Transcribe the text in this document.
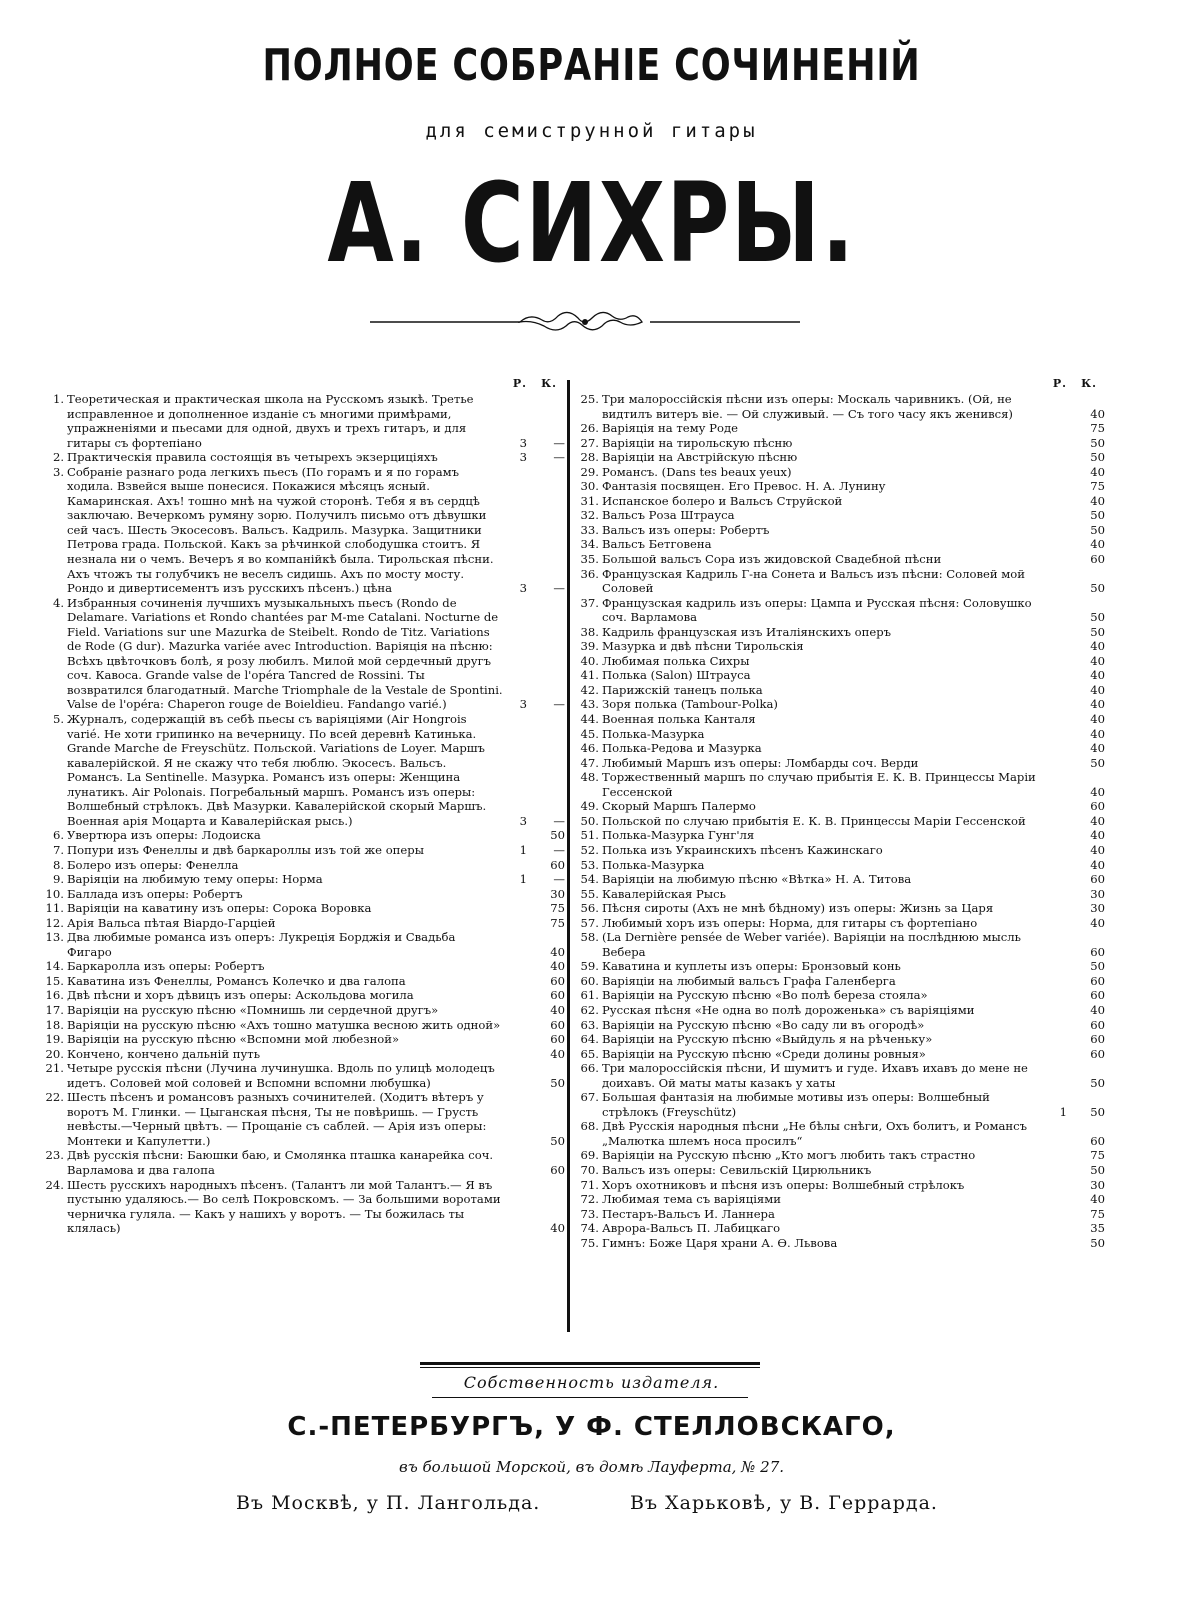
ПОЛНОЕ СОБРАНІЕ СОЧИНЕНІЙ
для семиструнной гитары
А. СИХРЫ.
Р. К.
1. Теоретическая и практическая школа на Русскомъ языкѣ. Третье исправленное и дополненное изданіе съ многими примѣрами, упражненіями и пьесами для одной, двухъ и трехъ гитаръ, и для гитары съ фортепіано	3	—
2. Практическія правила состоящія въ четырехъ экзерциціяхъ	3	—
3. Собраніе разнаго рода легкихъ пьесъ (По горамъ и я по горамъ ходила. Взвейся выше понесися. Покажися мѣсяцъ ясный. Камаринская. Ахъ! тошно мнѣ на чужой сторонѣ. Тебя я въ сердцѣ заключаю. Вечеркомъ румяну зорю. Получилъ письмо отъ дѣвушки сей часъ. Шесть Экосесовъ. Вальсъ. Кадриль. Мазурка. Защитники Петрова града. Польской. Какъ за рѣчинкой слободушка стоитъ. Я незнала ни о чемъ. Вечеръ я во компанійкѣ была. Тирольская пѣсни. Ахъ чтожъ ты голубчикъ не веселъ сидишь. Ахъ по мосту мосту. Рондо и дивертисементъ изъ русскихъ пѣсенъ.) цѣна	3	—
4. Избранныя сочиненія лучшихъ музыкальныхъ пьесъ (Rondo de Delamare. Variations et Rondo chantées par M-me Catalani. Nocturne de Field. Variations sur une Mazurka de Steibelt. Rondo de Titz. Variations de Rode (G dur). Mazurka variée avec Introduction. Варіяція на пѣсню: Всѣхъ цвѣточковъ болѣ, я розу любилъ. Милой мой сердечный другъ соч. Кавоса. Grande valse de l'opéra Tancred de Rossini. Ты возвратился благодатный. Marche Triomphale de la Vestale de Spontini. Valse de l'opéra: Chaperon rouge de Boieldieu. Fandango varié.)	3	—
5. Журналъ, содержащій въ себѣ пьесы съ варіяціями (Air Hongrois varié. Не хоти грипинко на вечерницу. По всей деревнѣ Катинька. Grande Marche de Freyschütz. Польской. Variations de Loyer. Маршъ кавалерійской. Я не скажу что тебя люблю. Экосесъ. Вальсъ. Романсъ. La Sentinelle. Мазурка. Романсъ изъ оперы: Женщина лунатикъ. Air Polonais. Погребальный маршъ. Романсъ изъ оперы: Волшебный стрѣлокъ. Двѣ Мазурки. Кавалерійской скорый Маршъ. Военная арія Моцарта и Кавалерійская рысь.)	3	—
6. Увертюра изъ оперы: Лодоиска	50
7. Попури изъ Фенеллы и двѣ баркароллы изъ той же оперы	1	—
8. Болеро изъ оперы: Фенелла	60
9. Варіяціи на любимую тему оперы: Норма	1	—
10. Баллада изъ оперы: Робертъ	30
11. Варіяціи на каватину изъ оперы: Сорока Воровка	75
12. Арія Вальса пѣтая Віардо-Гарціей	75
13. Два любимые романса изъ оперъ: Лукреція Борджія и Свадьба Фигаро	40
14. Баркаролла изъ оперы: Робертъ	40
15. Каватина изъ Фенеллы, Романсъ Колечко и два галопа	60
16. Двѣ пѣсни и хоръ дѣвицъ изъ оперы: Аскольдова могила	60
17. Варіяціи на русскую пѣсню «Помнишь ли сердечной другъ»	40
18. Варіяціи на русскую пѣсню «Ахъ тошно матушка весною жить одной»	60
19. Варіяціи на русскую пѣсню «Вспомни мой любезной»	60
20. Кончено, кончено дальній путь	40
21. Четыре русскія пѣсни (Лучина лучинушка. Вдоль по улицѣ молодецъ идетъ. Соловей мой соловей и Вспомни вспомни любушка)	50
22. Шесть пѣсенъ и романсовъ разныхъ сочинителей. (Ходитъ вѣтеръ у воротъ М. Глинки. — Цыганская пѣсня, Ты не повѣришь. — Грусть невѣсты.—Черный цвѣтъ. — Прощаніе съ саблей. — Арія изъ оперы: Монтеки и Капулетти.)	50
23. Двѣ русскія пѣсни: Баюшки баю, и Смолянка пташка канарейка соч. Варламова и два галопа	60
24. Шесть русскихъ народныхъ пѣсенъ. (Талантъ ли мой Талантъ.— Я въ пустыню удаляюсь.— Во селѣ Покровскомъ. — За большими воротами черничка гуляла. — Какъ у нашихъ у воротъ. — Ты божилась ты клялась)	40
Р. К.
25. Три малороссійскія пѣсни изъ оперы: Москаль чаривникъ. (Ой, не видтилъ витеръ віе. — Ой служивый. — Съ того часу якъ женився)	40
26. Варіяція на тему Роде	75
27. Варіяціи на тирольскую пѣсню	50
28. Варіяціи на Австрійскую пѣсню	50
29. Романсъ. (Dans tes beaux yeux)	40
30. Фантазія посвящен. Его Превос. Н. А. Лунину	75
31. Испанское болеро и Вальсъ Струйской	40
32. Вальсъ Роза Штрауса	50
33. Вальсъ изъ оперы: Робертъ	50
34. Вальсъ Бетговена	40
35. Большой вальсъ Сора изъ жидовской Свадебной пѣсни	60
36. Французская Кадриль Г-на Сонета и Вальсъ изъ пѣсни: Соловей мой Соловей	50
37. Французская кадриль изъ оперы: Цампа и Русская пѣсня: Соловушко соч. Варламова	50
38. Кадриль французская изъ Италіянскихъ оперъ	50
39. Мазурка и двѣ пѣсни Тирольскія	40
40. Любимая полька Сихры	40
41. Полька (Salon) Штрауса	40
42. Парижскій танецъ полька	40
43. Зоря полька (Tambour-Polka)	40
44. Военная полька Канталя	40
45. Полька-Мазурка	40
46. Полька-Редова и Мазурка	40
47. Любимый Маршъ изъ оперы: Ломбарды соч. Верди	50
48. Торжественный маршъ по случаю прибытія Е. К. В. Принцессы Маріи Гессенской	40
49. Скорый Маршъ Палермо	60
50. Польской по случаю прибытія Е. К. В. Принцессы Маріи Гессенской	40
51. Полька-Мазурка Гунг'ля	40
52. Полька изъ Украинскихъ пѣсенъ Кажинскаго	40
53. Полька-Мазурка	40
54. Варіяціи на любимую пѣсню «Вѣтка» Н. А. Титова	60
55. Кавалерійская Рысь	30
56. Пѣсня сироты (Ахъ не мнѣ бѣдному) изъ оперы: Жизнь за Царя	30
57. Любимый хоръ изъ оперы: Норма, для гитары съ фортепіано	40
58. (La Dernière pensée de Weber variée). Варіяціи на послѣднюю мысль Вебера	60
59. Каватина и куплеты изъ оперы: Бронзовый конь	50
60. Варіяціи на любимый вальсъ Графа Галенберга	60
61. Варіяціи на Русскую пѣсню «Во полѣ береза стояла»	60
62. Русская пѣсня «Не одна во полѣ дороженька» съ варіяціями	40
63. Варіяціи на Русскую пѣсню «Во саду ли въ огородѣ»	60
64. Варіяціи на Русскую пѣсню «Выйдуль я на рѣченьку»	60
65. Варіяціи на Русскую пѣсню «Среди долины ровныя»	60
66. Три малороссійскія пѣсни, И шумитъ и гуде. Ихавъ ихавъ до мене не доихавъ. Ой маты маты казакъ у хаты	50
67. Большая фантазія на любимые мотивы изъ оперы: Волшебный стрѣлокъ (Freyschütz)	1	50
68. Двѣ Русскія народныя пѣсни „Не бѣлы снѣги, Охъ болитъ, и Романсъ „Малютка шлемъ носа просилъ“	60
69. Варіяціи на Русскую пѣсню „Кто могъ любить такъ страстно	75
70. Вальсъ изъ оперы: Севильскій Цирюльникъ	50
71. Хоръ охотниковъ и пѣсня изъ оперы: Волшебный стрѣлокъ	30
72. Любимая тема съ варіяціями	40
73. Пестаръ-Вальсъ И. Ланнера	75
74. Аврора-Вальсъ П. Лабицкаго	35
75. Гимнъ: Боже Царя храни А. Ѳ. Львова	50
Собственность издателя.
С.-ПЕТЕРБУРГЪ, У Ф. СТЕЛЛОВСКАГО,
въ большой Морской, въ домѣ Лауферта, № 27.
Въ Москвѣ, у П. Лангольда.	Въ Харьковѣ, у В. Геррарда.
